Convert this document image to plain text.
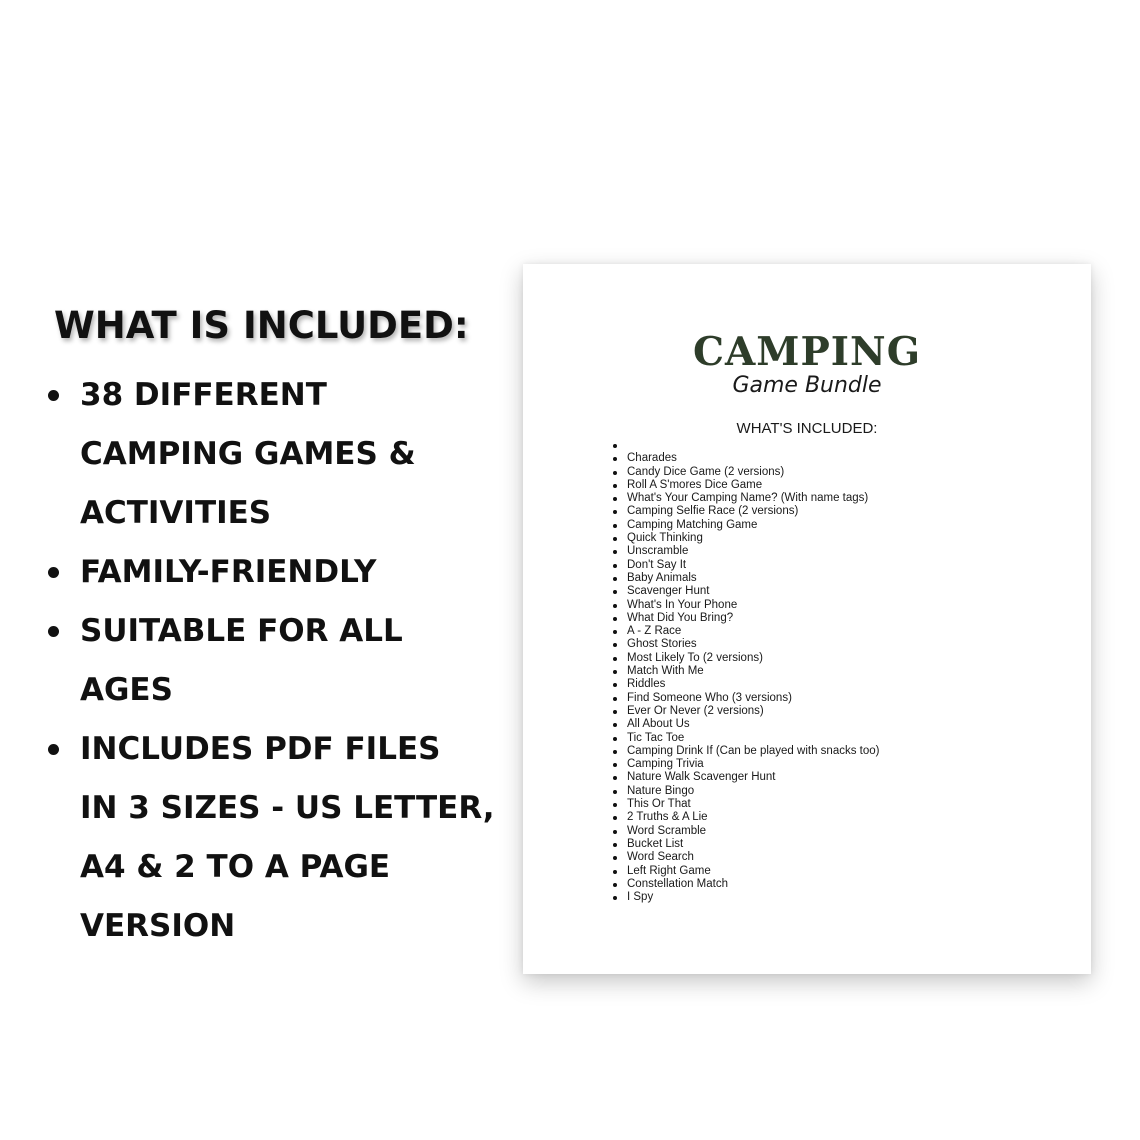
WHAT IS INCLUDED:
38 DIFFERENT
CAMPING GAMES &
ACTIVITIES
FAMILY-FRIENDLY
SUITABLE FOR ALL
AGES
INCLUDES PDF FILES
IN 3 SIZES - US LETTER,
A4 & 2 TO A PAGE
VERSION
CAMPING
Game Bundle
WHAT'S INCLUDED:
Charades
Candy Dice Game (2 versions)
Roll A S'mores Dice Game
What's Your Camping Name? (With name tags)
Camping Selfie Race (2 versions)
Camping Matching Game
Quick Thinking
Unscramble
Don't Say It
Baby Animals
Scavenger Hunt
What's In Your Phone
What Did You Bring?
A - Z Race
Ghost Stories
Most Likely To (2 versions)
Match With Me
Riddles
Find Someone Who (3 versions)
Ever Or Never (2 versions)
All About Us
Tic Tac Toe
Camping Drink If (Can be played with snacks too)
Camping Trivia
Nature Walk Scavenger Hunt
Nature Bingo
This Or That
2 Truths & A Lie
Word Scramble
Bucket List
Word Search
Left Right Game
Constellation Match
I Spy
